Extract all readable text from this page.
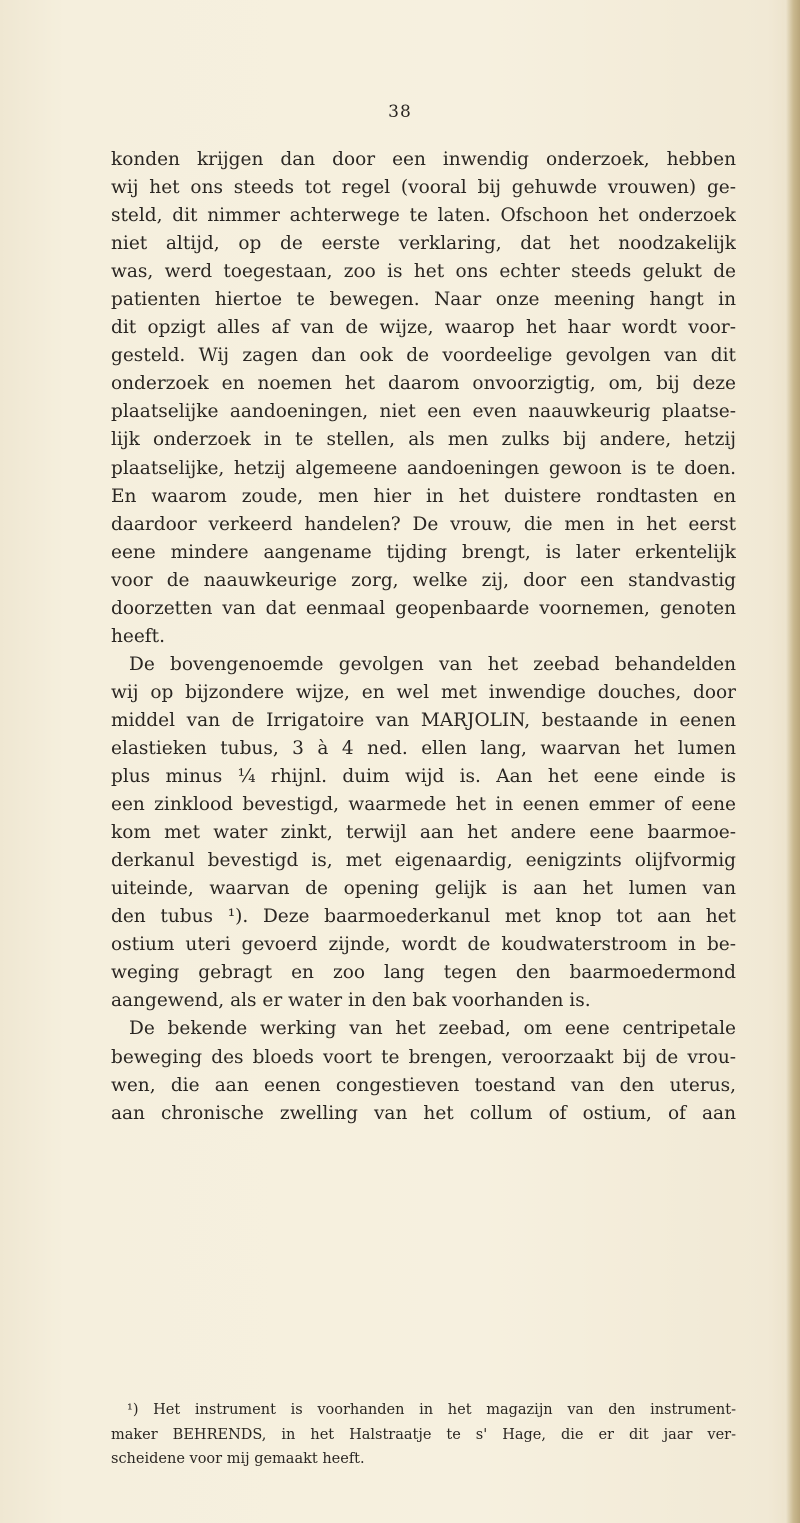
38
konden krijgen dan door een inwendig onderzoek, hebben
wij het ons steeds tot regel (vooral bij gehuwde vrouwen) ge-
steld, dit nimmer achterwege te laten. Ofschoon het onderzoek
niet altijd, op de eerste verklaring, dat het noodzakelijk
was, werd toegestaan, zoo is het ons echter steeds gelukt de
patienten hiertoe te bewegen. Naar onze meening hangt in
dit opzigt alles af van de wijze, waarop het haar wordt voor-
gesteld. Wij zagen dan ook de voordeelige gevolgen van dit
onderzoek en noemen het daarom onvoorzigtig, om, bij deze
plaatselijke aandoeningen, niet een even naauwkeurig plaatse-
lijk onderzoek in te stellen, als men zulks bij andere, hetzij
plaatselijke, hetzij algemeene aandoeningen gewoon is te doen.
En waarom zoude, men hier in het duistere rondtasten en
daardoor verkeerd handelen? De vrouw, die men in het eerst
eene mindere aangename tijding brengt, is later erkentelijk
voor de naauwkeurige zorg, welke zij, door een standvastig
doorzetten van dat eenmaal geopenbaarde voornemen, genoten
heeft.
De bovengenoemde gevolgen van het zeebad behandelden
wij op bijzondere wijze, en wel met inwendige douches, door
middel van de Irrigatoire van MARJOLIN, bestaande in eenen
elastieken tubus, 3 à 4 ned. ellen lang, waarvan het lumen
plus minus ¼ rhijnl. duim wijd is. Aan het eene einde is
een zinklood bevestigd, waarmede het in eenen emmer of eene
kom met water zinkt, terwijl aan het andere eene baarmoe-
derkanul bevestigd is, met eigenaardig, eenigzints olijfvormig
uiteinde, waarvan de opening gelijk is aan het lumen van
den tubus ¹). Deze baarmoederkanul met knop tot aan het
ostium uteri gevoerd zijnde, wordt de koudwaterstroom in be-
weging gebragt en zoo lang tegen den baarmoedermond
aangewend, als er water in den bak voorhanden is.
De bekende werking van het zeebad, om eene centripetale
beweging des bloeds voort te brengen, veroorzaakt bij de vrou-
wen, die aan eenen congestieven toestand van den uterus,
aan chronische zwelling van het collum of ostium, of aan
¹) Het instrument is voorhanden in het magazijn van den instrument-
maker BEHRENDS, in het Halstraatje te s' Hage, die er dit jaar ver-
scheidene voor mij gemaakt heeft.
